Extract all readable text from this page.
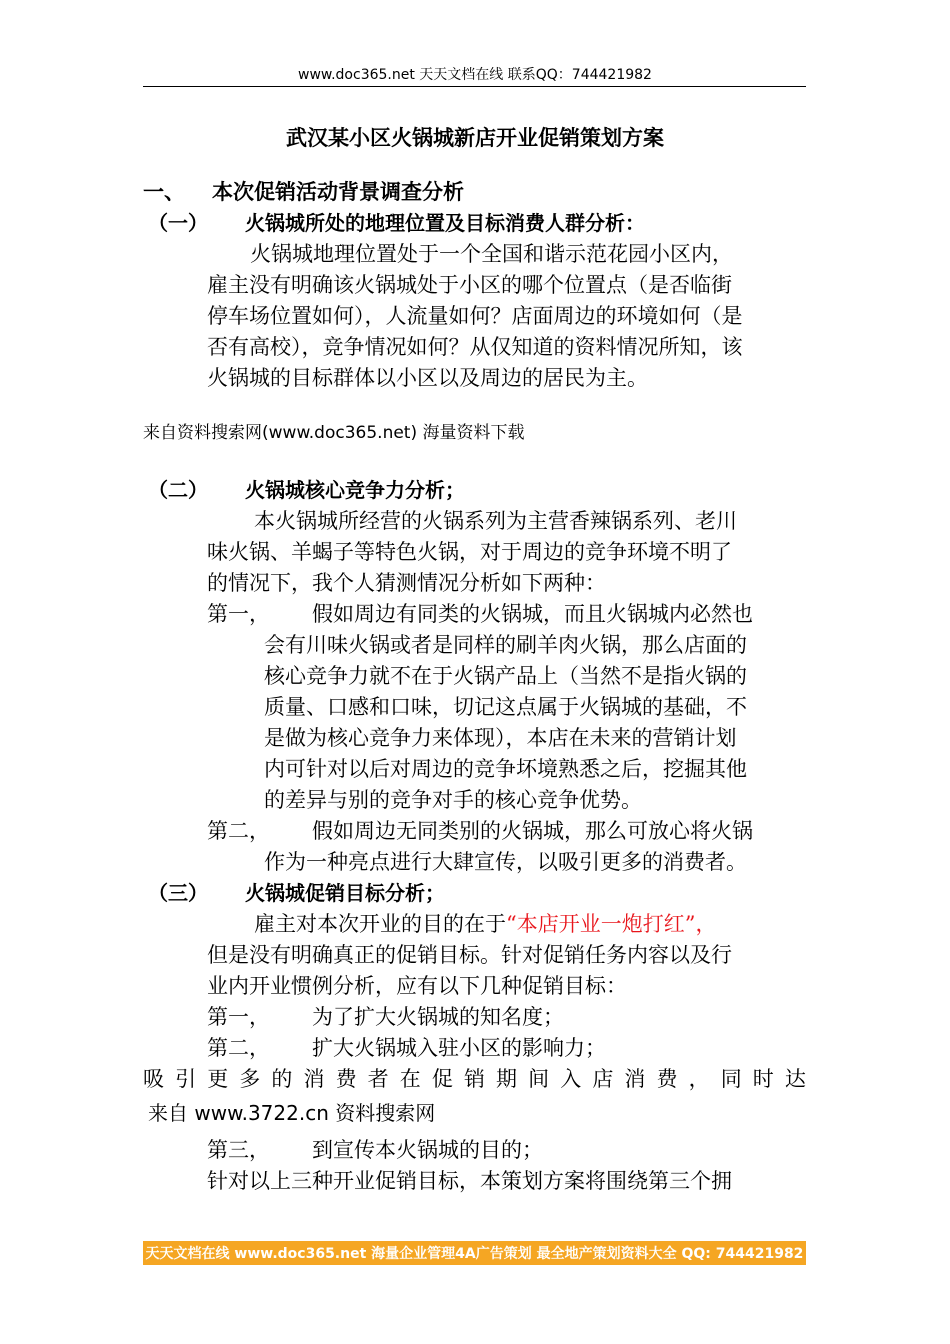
www.doc365.net 天天文档在线 联系QQ：744421982
武汉某小区火锅城新店开业促销策划方案
一、 本次促销活动背景调查分析
（一） 火锅城所处的地理位置及目标消费人群分析：
火锅城地理位置处于一个全国和谐示范花园小区内，
雇主没有明确该火锅城处于小区的哪个位置点（是否临街
停车场位置如何），人流量如何？店面周边的环境如何（是
否有高校），竞争情况如何？从仅知道的资料情况所知，该
火锅城的目标群体以小区以及周边的居民为主。
来自资料搜索网(www.doc365.net) 海量资料下载
（二） 火锅城核心竞争力分析；
本火锅城所经营的火锅系列为主营香辣锅系列、老川
味火锅、羊蝎子等特色火锅，对于周边的竞争环境不明了
的情况下，我个人猜测情况分析如下两种：
第一， 假如周边有同类的火锅城，而且火锅城内必然也
会有川味火锅或者是同样的刷羊肉火锅，那么店面的
核心竞争力就不在于火锅产品上（当然不是指火锅的
质量、口感和口味，切记这点属于火锅城的基础，不
是做为核心竞争力来体现），本店在未来的营销计划
内可针对以后对周边的竞争坏境熟悉之后，挖掘其他
的差异与别的竞争对手的核心竞争优势。
第二， 假如周边无同类别的火锅城，那么可放心将火锅
作为一种亮点进行大肆宣传，以吸引更多的消费者。
（三） 火锅城促销目标分析；
雇主对本次开业的目的在于“本店开业一炮打红”，
但是没有明确真正的促销目标。针对促销任务内容以及行
业内开业惯例分析，应有以下几种促销目标：
第一， 为了扩大火锅城的知名度；
第二， 扩大火锅城入驻小区的影响力；
吸 引 更 多 的 消 费 者 在 促 销 期 间 入 店 消 费 ， 同 时 达
来自 www.3722.cn 资料搜索网
第三， 到宣传本火锅城的目的；
针对以上三种开业促销目标，本策划方案将围绕第三个拥
天天文档在线 www.doc365.net 海量企业管理4A广告策划 最全地产策划资料大全 QQ: 744421982
